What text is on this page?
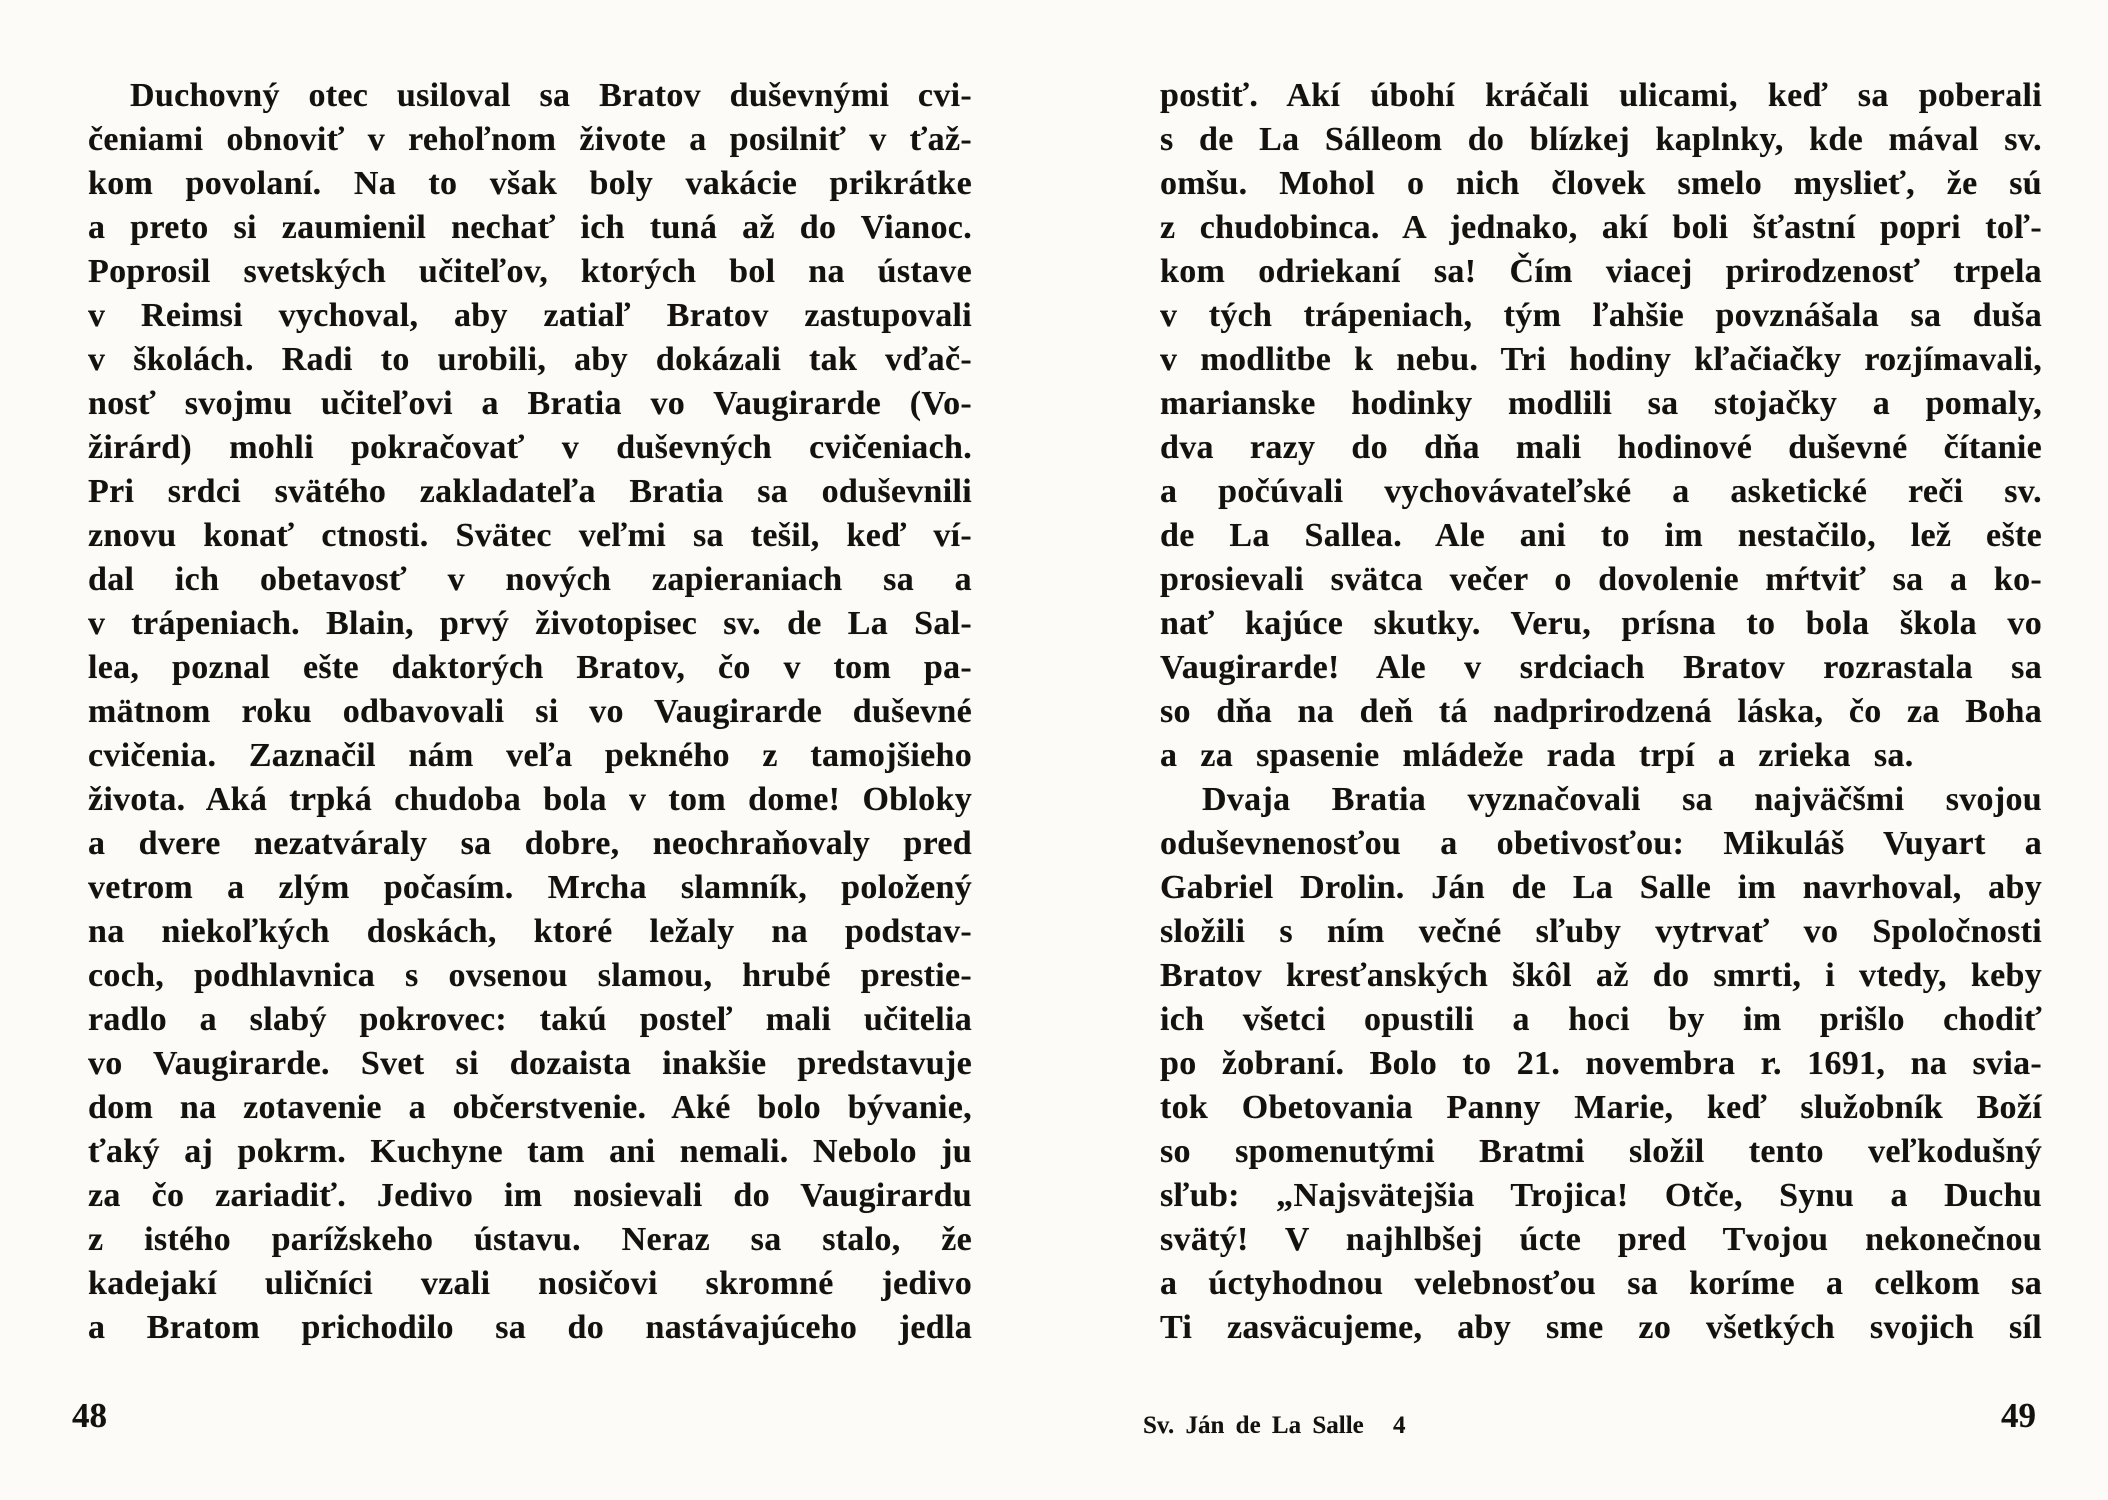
Duchovný otec usiloval sa Bratov duševnými cvi-
čeniami obnoviť v rehoľnom živote a posilniť v ťaž-
kom povolaní. Na to však boly vakácie prikrátke
a preto si zaumienil nechať ich tuná až do Vianoc.
Poprosil svetských učiteľov, ktorých bol na ústave
v Reimsi vychoval, aby zatiaľ Bratov zastupovali
v školách. Radi to urobili, aby dokázali tak vďač-
nosť svojmu učiteľovi a Bratia vo Vaugirarde (Vo-
žirárd) mohli pokračovať v duševných cvičeniach.
Pri srdci svätého zakladateľa Bratia sa oduševnili
znovu konať ctnosti. Svätec veľmi sa tešil, keď ví-
dal ich obetavosť v nových zapieraniach sa a
v trápeniach. Blain, prvý životopisec sv. de La Sal-
lea, poznal ešte daktorých Bratov, čo v tom pa-
mätnom roku odbavovali si vo Vaugirarde duševné
cvičenia. Zaznačil nám veľa pekného z tamojšieho
života. Aká trpká chudoba bola v tom dome! Obloky
a dvere nezatváraly sa dobre, neochraňovaly pred
vetrom a zlým počasím. Mrcha slamník, položený
na niekoľkých doskách, ktoré ležaly na podstav-
coch, podhlavnica s ovsenou slamou, hrubé prestie-
radlo a slabý pokrovec: takú posteľ mali učitelia
vo Vaugirarde. Svet si dozaista inakšie predstavuje
dom na zotavenie a občerstvenie. Aké bolo bývanie,
ťaký aj pokrm. Kuchyne tam ani nemali. Nebolo ju
za čo zariadiť. Jedivo im nosievali do Vaugirardu
z istého parížskeho ústavu. Neraz sa stalo, že
kadejakí uličníci vzali nosičovi skromné jedivo
a Bratom prichodilo sa do nastávajúceho jedla
48
postiť. Akí úbohí kráčali ulicami, keď sa poberali
s de La Sálleom do blízkej kaplnky, kde mával sv.
omšu. Mohol o nich človek smelo myslieť, že sú
z chudobinca. A jednako, akí boli šťastní popri toľ-
kom odriekaní sa! Čím viacej prirodzenosť trpela
v tých trápeniach, tým ľahšie povznášala sa duša
v modlitbe k nebu. Tri hodiny kľačiačky rozjímavali,
marianske hodinky modlili sa stojačky a pomaly,
dva razy do dňa mali hodinové duševné čítanie
a počúvali vychovávateľské a asketické reči sv.
de La Sallea. Ale ani to im nestačilo, lež ešte
prosievali svätca večer o dovolenie mŕtviť sa a ko-
nať kajúce skutky. Veru, prísna to bola škola vo
Vaugirarde! Ale v srdciach Bratov rozrastala sa
so dňa na deň tá nadprirodzená láska, čo za Boha
a za spasenie mládeže rada trpí a zrieka sa.
Dvaja Bratia vyznačovali sa najväčšmi svojou
oduševnenosťou a obetivosťou: Mikuláš Vuyart a
Gabriel Drolin. Ján de La Salle im navrhoval, aby
složili s ním večné sľuby vytrvať vo Spoločnosti
Bratov kresťanských škôl až do smrti, i vtedy, keby
ich všetci opustili a hoci by im prišlo chodiť
po žobraní. Bolo to 21. novembra r. 1691, na svia-
tok Obetovania Panny Marie, keď služobník Boží
so spomenutými Bratmi složil tento veľkodušný
sľub: „Najsvätejšia Trojica! Otče, Synu a Duchu
svätý! V najhlbšej úcte pred Tvojou nekonečnou
a úctyhodnou velebnosťou sa koríme a celkom sa
Ti zasväcujeme, aby sme zo všetkých svojich síl
Sv. Ján de La Salle 4	49
